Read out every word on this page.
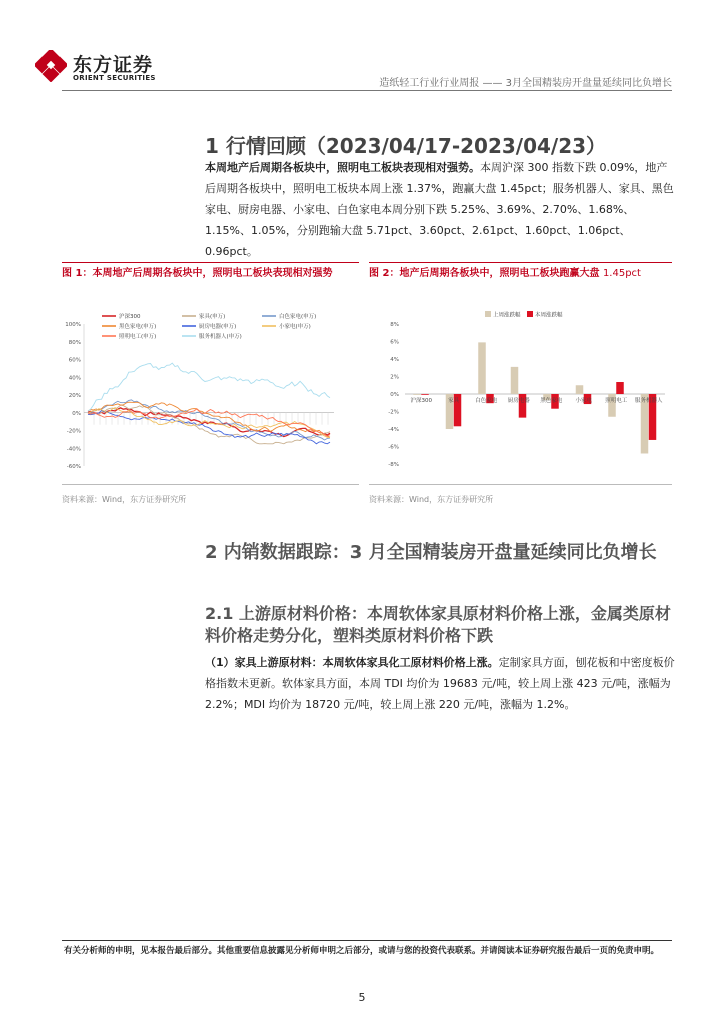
东方证券
ORIENT SECURITIES	造纸轻工行业行业周报 —— 3月全国精装房开盘量延续同比负增长
1 行情回顾（2023/04/17-2023/04/23）
本周地产后周期各板块中，照明电工板块表现相对强势。本周沪深 300 指数下跌 0.09%，地产后周期各板块中，照明电工板块本周上涨 1.37%，跑赢大盘 1.45pct；服务机器人、家具、黑色家电、厨房电器、小家电、白色家电本周分别下跌 5.25%、3.69%、2.70%、1.68%、1.15%、1.05%，分别跑输大盘 5.71pct、3.60pct、2.61pct、1.60pct、1.06pct、0.96pct。
图 1：本周地产后周期各板块中，照明电工板块表现相对强势
100%
80%
60%
40%
20%
0%
-20%
-40%
-60%
沪深300	家具(申万)	白色家电(申万)
黑色家电(申万)	厨房电器(申万)	小家电(申万)
照明电工(申万)	服务机器人(申万)
资料来源：Wind，东方证券研究所
图 2：地产后周期各板块中，照明电工板块跑赢大盘 1.45pct
8%
6%
4%
2%
0%
-2%
-4%
-6%
-8%
上周涨跌幅	本周涨跌幅
沪深300	家具	白色家电 厨房电器 黑色家电 小家电 照明电工 服务机器人
资料来源：Wind，东方证券研究所
2 内销数据跟踪：3 月全国精装房开盘量延续同比负增长
2.1 上游原材料价格：本周软体家具原材料价格上涨，金属类原材料价格走势分化，塑料类原材料价格下跌
（1）家具上游原材料：本周软体家具化工原材料价格上涨。定制家具方面，刨花板和中密度板价格指数未更新。软体家具方面，本周 TDI 均价为 19683 元/吨，较上周上涨 423 元/吨，涨幅为 2.2%；MDI 均价为 18720 元/吨，较上周上涨 220 元/吨，涨幅为 1.2%。
有关分析师的申明，见本报告最后部分。其他重要信息披露见分析师申明之后部分，或请与您的投资代表联系。并请阅读本证券研究报告最后一页的免责申明。
5
